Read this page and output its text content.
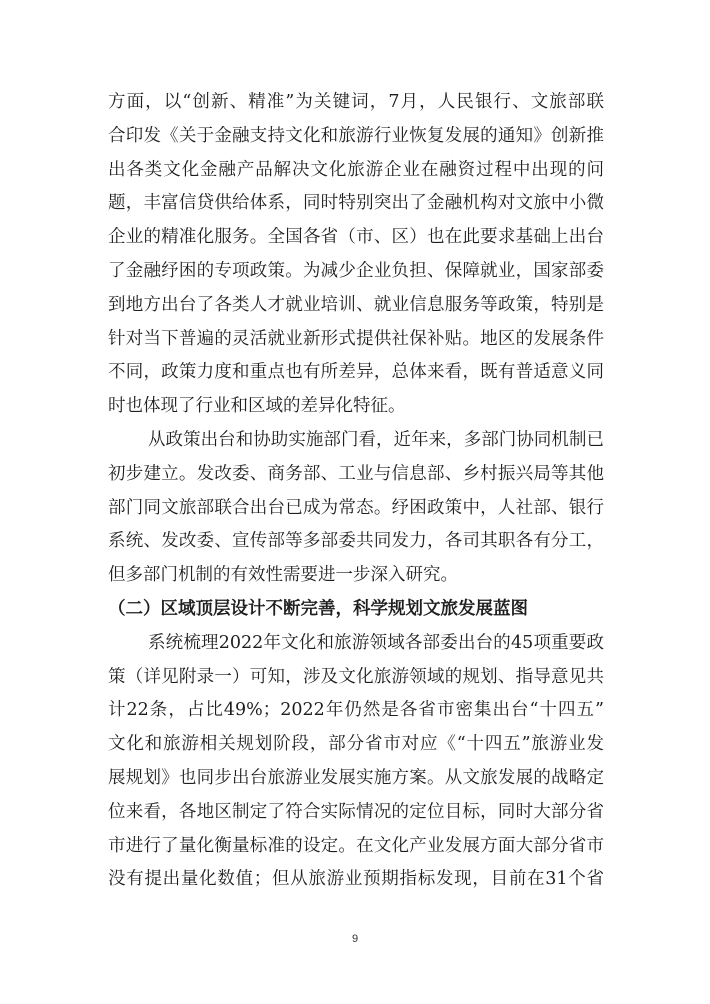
方面，以“创新、精准”为关键词，7月，人民银行、文旅部联
合印发《关于金融支持文化和旅游行业恢复发展的通知》创新推
出各类文化金融产品解决文化旅游企业在融资过程中出现的问
题，丰富信贷供给体系，同时特别突出了金融机构对文旅中小微
企业的精准化服务。全国各省（市、区）也在此要求基础上出台
了金融纾困的专项政策。为减少企业负担、保障就业，国家部委
到地方出台了各类人才就业培训、就业信息服务等政策，特别是
针对当下普遍的灵活就业新形式提供社保补贴。地区的发展条件
不同，政策力度和重点也有所差异，总体来看，既有普适意义同
时也体现了行业和区域的差异化特征。
从政策出台和协助实施部门看，近年来，多部门协同机制已
初步建立。发改委、商务部、工业与信息部、乡村振兴局等其他
部门同文旅部联合出台已成为常态。纾困政策中，人社部、银行
系统、发改委、宣传部等多部委共同发力，各司其职各有分工，
但多部门机制的有效性需要进一步深入研究。
（二）区域顶层设计不断完善，科学规划文旅发展蓝图
系统梳理2022年文化和旅游领域各部委出台的45项重要政
策（详见附录一）可知，涉及文化旅游领域的规划、指导意见共
计22条，占比49%；2022年仍然是各省市密集出台“十四五”
文化和旅游相关规划阶段，部分省市对应《“十四五”旅游业发
展规划》也同步出台旅游业发展实施方案。从文旅发展的战略定
位来看，各地区制定了符合实际情况的定位目标，同时大部分省
市进行了量化衡量标准的设定。在文化产业发展方面大部分省市
没有提出量化数值；但从旅游业预期指标发现，目前在31个省
9
